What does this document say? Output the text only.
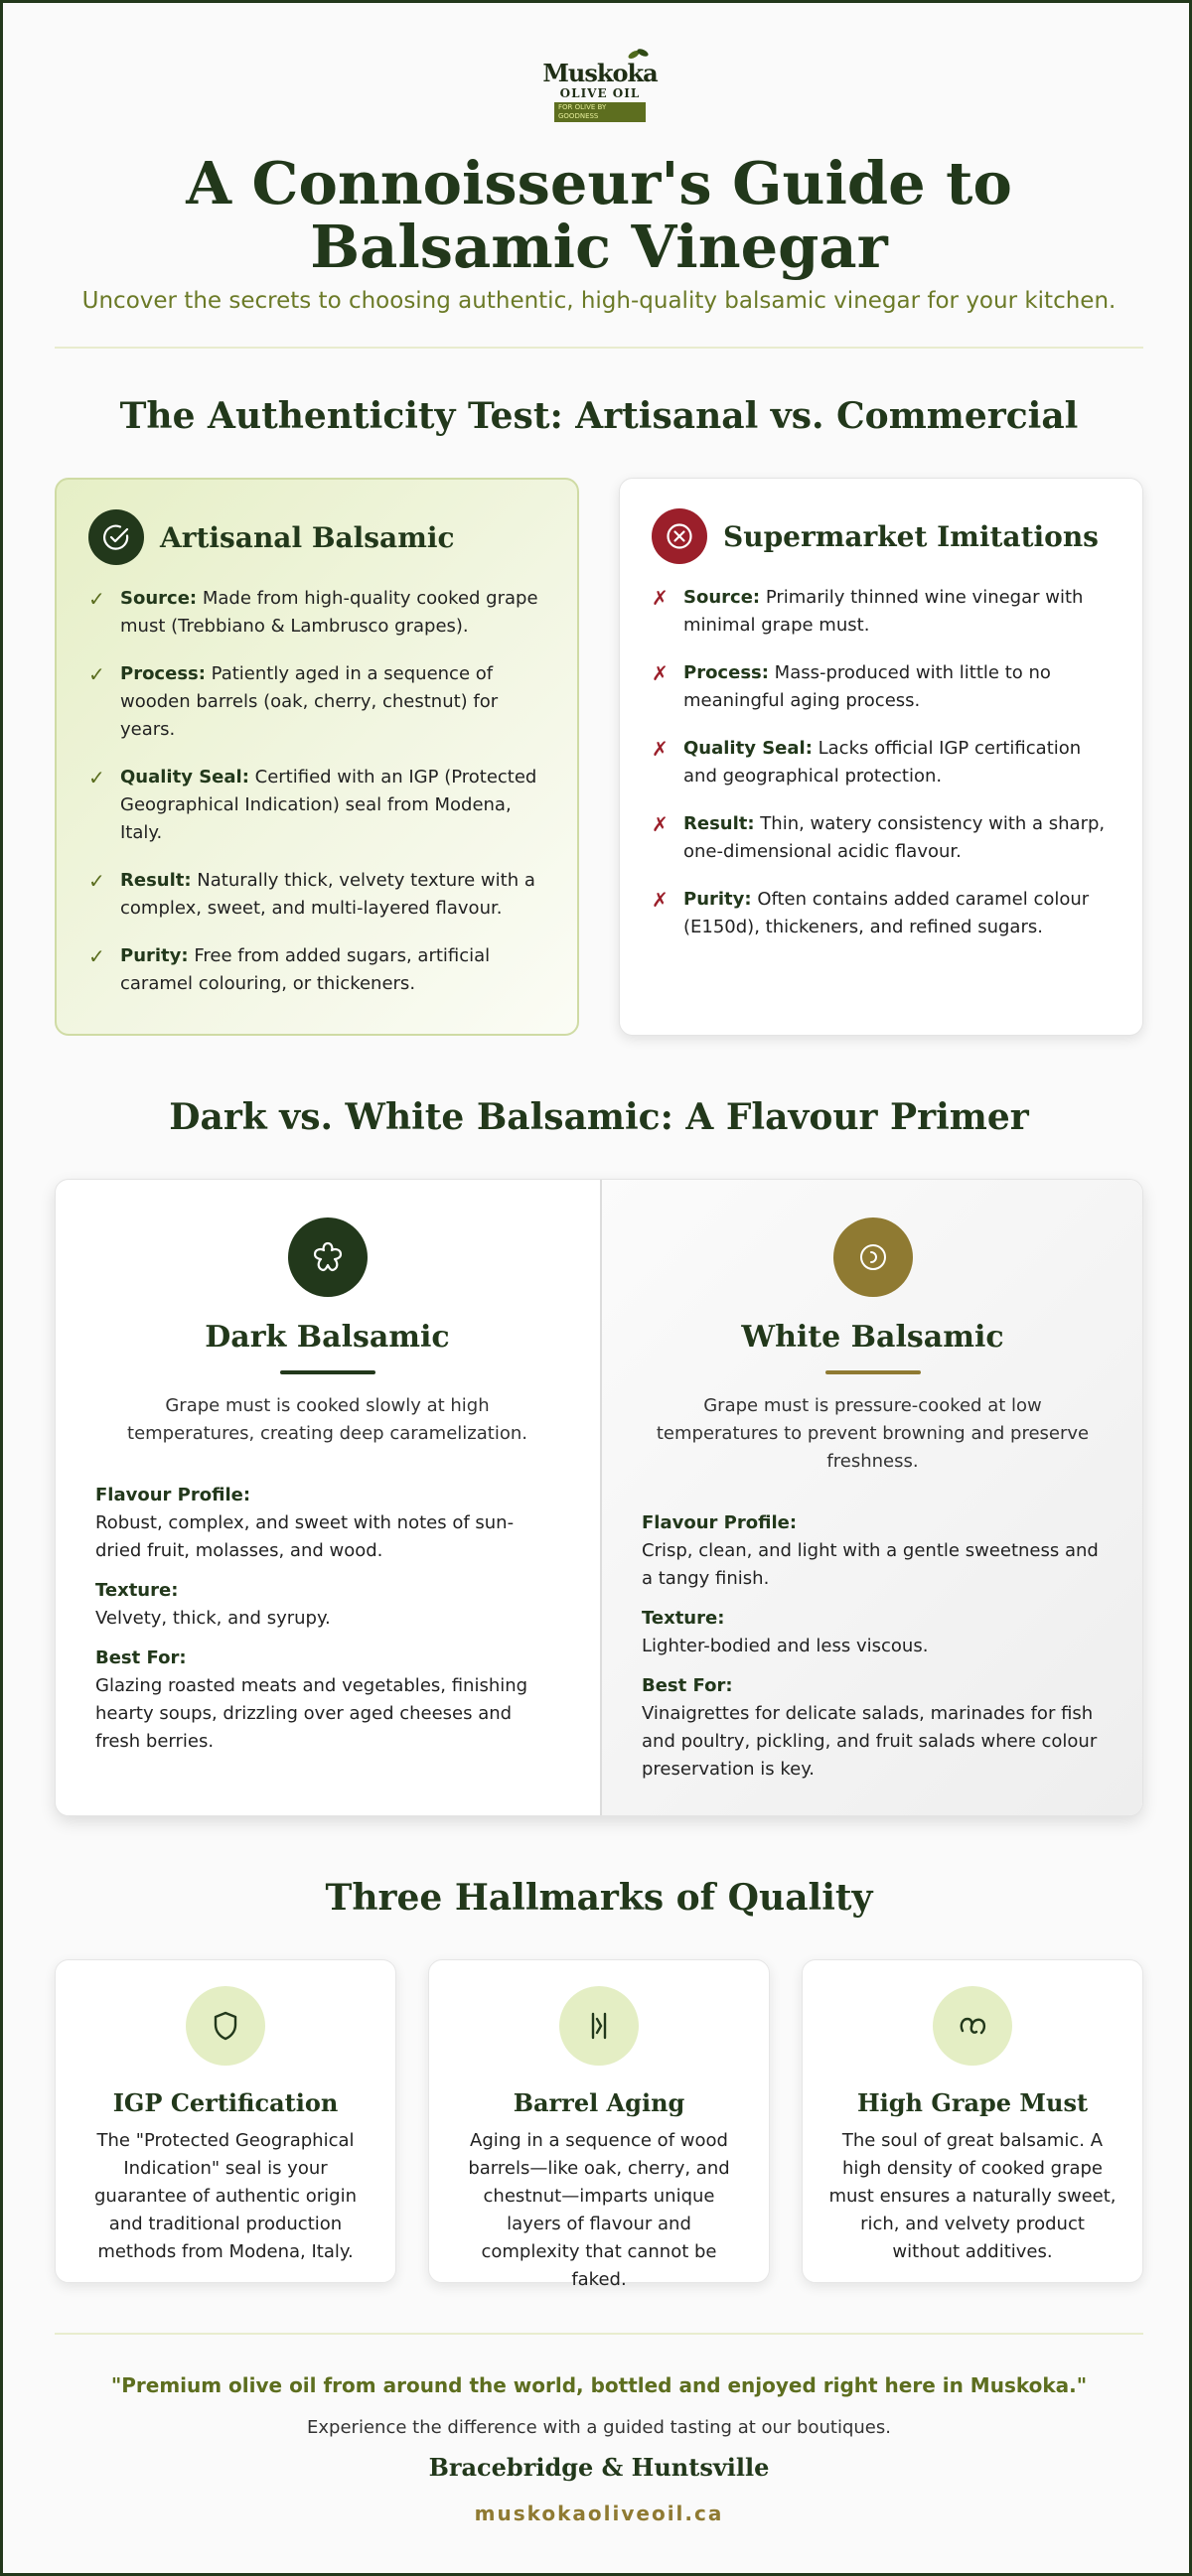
Muskoka
OLIVE OIL
FOR OLIVE BY GOODNESS
A Connoisseur's Guide to Balsamic Vinegar

Uncover the secrets to choosing authentic, high-quality balsamic vinegar for your kitchen.

The Authenticity Test: Artisanal vs. Commercial
Artisanal Balsamic
✓ Source: Made from high-quality cooked grape must (Trebbiano & Lambrusco grapes).
✓ Process: Patiently aged in a sequence of wooden barrels (oak, cherry, chestnut) for years.
✓ Quality Seal: Certified with an IGP (Protected Geographical Indication) seal from Modena, Italy.
✓ Result: Naturally thick, velvety texture with a complex, sweet, and multi-layered flavour.
✓ Purity: Free from added sugars, artificial caramel colouring, or thickeners.
Supermarket Imitations
✗ Source: Primarily thinned wine vinegar with minimal grape must.
✗ Process: Mass-produced with little to no meaningful aging process.
✗ Quality Seal: Lacks official IGP certification and geographical protection.
✗ Result: Thin, watery consistency with a sharp, one-dimensional acidic flavour.
✗ Purity: Often contains added caramel colour (E150d), thickeners, and refined sugars.
Dark vs. White Balsamic: A Flavour Primer
Dark Balsamic

Grape must is cooked slowly at high temperatures, creating deep caramelization.

Flavour Profile:
Robust, complex, and sweet with notes of sun-dried fruit, molasses, and wood.
Texture:
Velvety, thick, and syrupy.
Best For:
Glazing roasted meats and vegetables, finishing hearty soups, drizzling over aged cheeses and fresh berries.
White Balsamic

Grape must is pressure-cooked at low temperatures to prevent browning and preserve freshness.

Flavour Profile:
Crisp, clean, and light with a gentle sweetness and a tangy finish.
Texture:
Lighter-bodied and less viscous.
Best For:
Vinaigrettes for delicate salads, marinades for fish and poultry, pickling, and fruit salads where colour preservation is key.
Three Hallmarks of Quality
IGP Certification

The "Protected Geographical Indication" seal is your guarantee of authentic origin and traditional production methods from Modena, Italy.

Barrel Aging

Aging in a sequence of wood barrels—like oak, cherry, and chestnut—imparts unique layers of flavour and complexity that cannot be faked.

High Grape Must

The soul of great balsamic. A high density of cooked grape must ensures a naturally sweet, rich, and velvety product without additives.

"Premium olive oil from around the world, bottled and enjoyed right here in Muskoka."

Experience the difference with a guided tasting at our boutiques.

Bracebridge & Huntsville

muskokaoliveoil.ca
